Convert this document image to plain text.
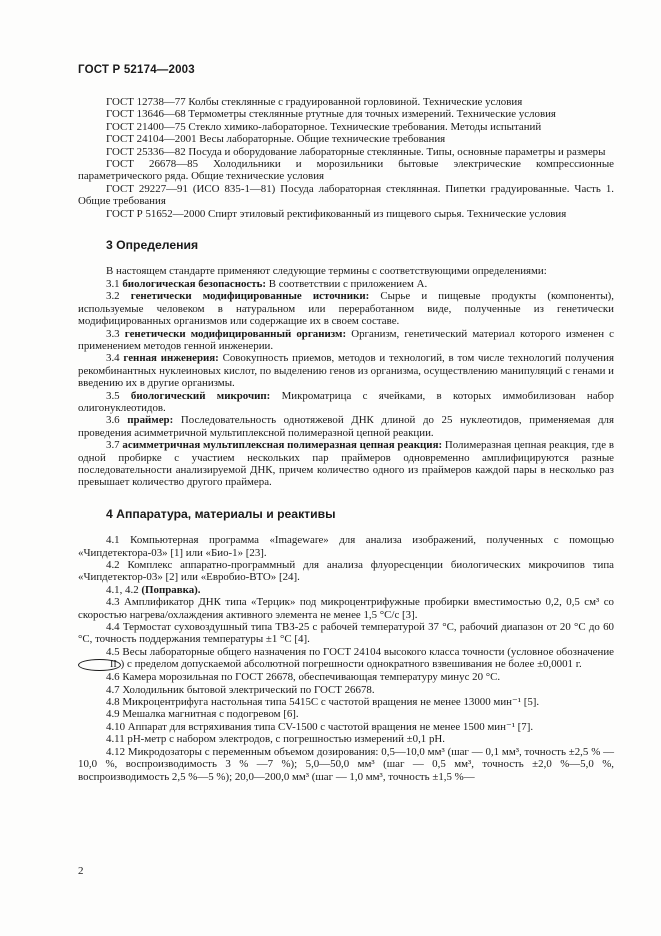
ГОСТ Р 52174—2003

ГОСТ 12738—77 Колбы стеклянные с градуированной горловиной. Технические условия

ГОСТ 13646—68 Термометры стеклянные ртутные для точных измерений. Технические условия

ГОСТ 21400—75 Стекло химико-лабораторное. Технические требования. Методы испытаний

ГОСТ 24104—2001 Весы лабораторные. Общие технические требования

ГОСТ 25336—82 Посуда и оборудование лабораторные стеклянные. Типы, основные параметры и размеры

ГОСТ 26678—85 Холодильники и морозильники бытовые электрические компрессионные параметрического ряда. Общие технические условия

ГОСТ 29227—91 (ИСО 835-1—81) Посуда лабораторная стеклянная. Пипетки градуированные. Часть 1. Общие требования

ГОСТ Р 51652—2000 Спирт этиловый ректификованный из пищевого сырья. Технические условия

3 Определения

В настоящем стандарте применяют следующие термины с соответствующими определениями:

3.1 биологическая безопасность: В соответствии с приложением А.

3.2 генетически модифицированные источники: Сырье и пищевые продукты (компоненты), используемые человеком в натуральном или переработанном виде, полученные из генетически модифицированных организмов или содержащие их в своем составе.

3.3 генетически модифицированный организм: Организм, генетический материал которого изменен с применением методов генной инженерии.

3.4 генная инженерия: Совокупность приемов, методов и технологий, в том числе технологий получения рекомбинантных нуклеиновых кислот, по выделению генов из организма, осуществлению манипуляций с генами и введению их в другие организмы.

3.5 биологический микрочип: Микроматрица с ячейками, в которых иммобилизован набор олигонуклеотидов.

3.6 праймер: Последовательность однотяжевой ДНК длиной до 25 нуклеотидов, применяемая для проведения асимметричной мультиплексной полимеразной цепной реакции.

3.7 асимметричная мультиплексная полимеразная цепная реакция: Полимеразная цепная реакция, где в одной пробирке с участием нескольких пар праймеров одновременно амплифицируются разные последовательности анализируемой ДНК, причем количество одного из праймеров каждой пары в несколько раз превышает количество другого праймера.

4 Аппаратура, материалы и реактивы

4.1 Компьютерная программа «Imageware» для анализа изображений, полученных с помощью «Чипдетектора-03» [1] или «Био-1» [23].

4.2 Комплекс аппаратно-программный для анализа флуоресценции биологических микрочипов типа «Чипдетектор-03» [2] или «Евробио-ВТО» [24].

4.1, 4.2 (Поправка).

4.3 Амплификатор ДНК типа «Терцик» под микроцентрифужные пробирки вместимостью 0,2, 0,5 см³ со скоростью нагрева/охлаждения активного элемента не менее 1,5 °С/с [3].

4.4 Термостат суховоздушный типа ТВЗ-25 с рабочей температурой 37 °С, рабочий диапазон от 20 °С до 60 °С, точность поддержания температуры ±1 °С [4].

4.5 Весы лабораторные общего назначения по ГОСТ 24104 высокого класса точности (условное обозначение II ) с пределом допускаемой абсолютной погрешности однократного взвешивания не более ±0,0001 г.

4.6 Камера морозильная по ГОСТ 26678, обеспечивающая температуру минус 20 °С.

4.7 Холодильник бытовой электрический по ГОСТ 26678.

4.8 Микроцентрифуга настольная типа 5415С с частотой вращения не менее 13000 мин⁻¹ [5].

4.9 Мешалка магнитная с подогревом [6].

4.10 Аппарат для встряхивания типа CV-1500 с частотой вращения не менее 1500 мин⁻¹ [7].

4.11 рН-метр с набором электродов, с погрешностью измерений ±0,1 рН.

4.12 Микродозаторы с переменным объемом дозирования: 0,5—10,0 мм³ (шаг — 0,1 мм³, точность ±2,5 % — 10,0 %, воспроизводимость 3 % —7 %); 5,0—50,0 мм³ (шаг — 0,5 мм³, точность ±2,0 %—5,0 %, воспроизводимость 2,5 %—5 %); 20,0—200,0 мм³ (шаг — 1,0 мм³, точность ±1,5 %—

2
